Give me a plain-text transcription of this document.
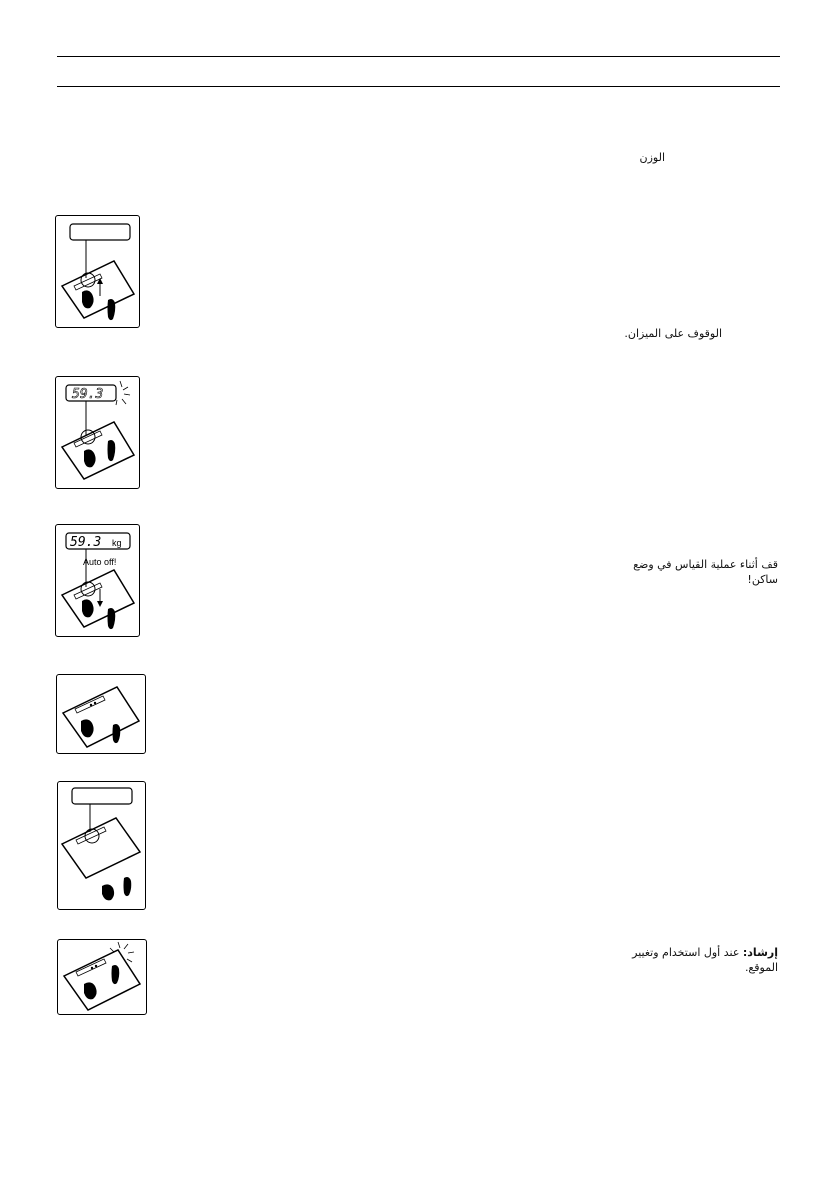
الوزن
الوقوف على الميزان.
قف أثناء عملية القياس في وضع ساكن!
إرشاد: عند أول استخدام وتغيير الموقع.
59.3
59.3 kg
Auto off!
